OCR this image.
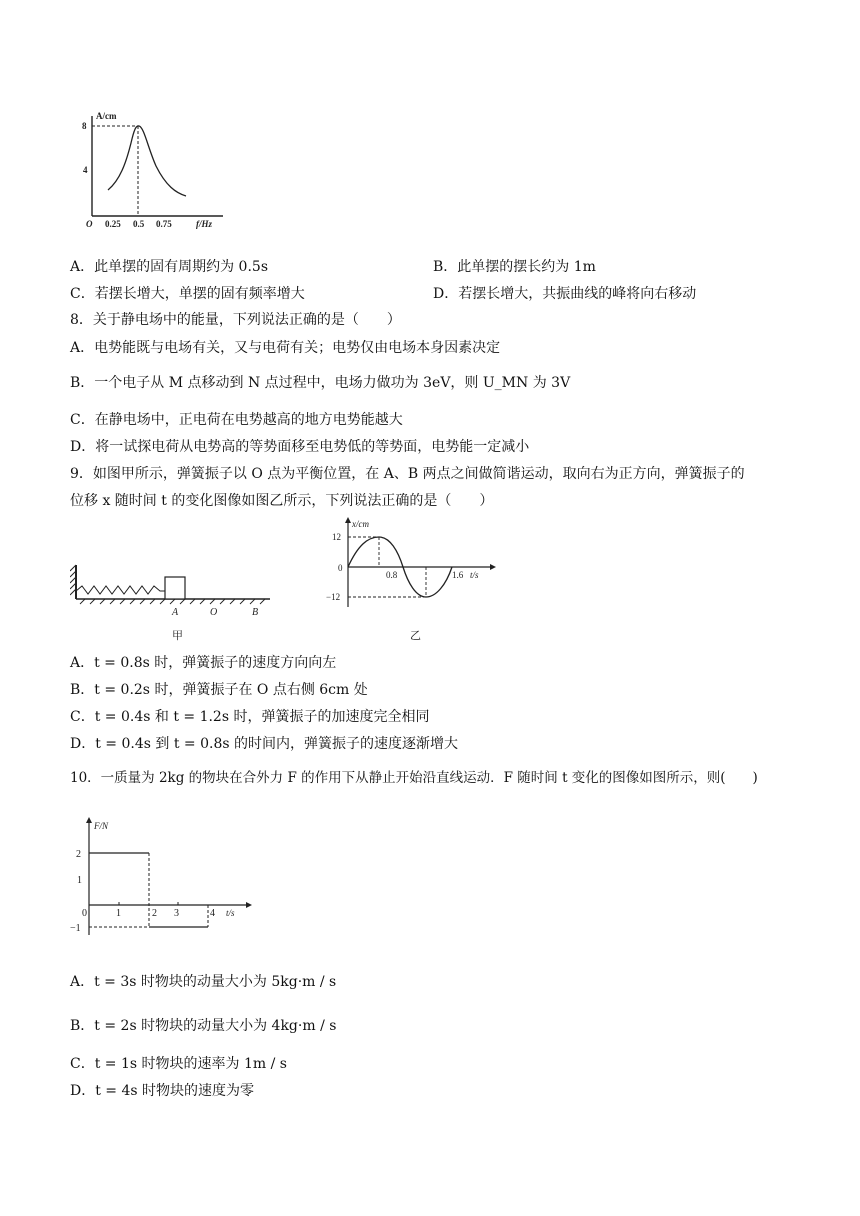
A/cm
8
4
O 0.25 0.5 0.75	f/Hz
A．此单摆的固有周期约为 0.5s	B．此单摆的摆长约为 1m
C．若摆长增大，单摆的固有频率增大	D．若摆长增大，共振曲线的峰将向右移动
8．关于静电场中的能量，下列说法正确的是（　　）
A．电势能既与电场有关，又与电荷有关；电势仅由电场本身因素决定
B．一个电子从 M 点移动到 N 点过程中，电场力做功为 3eV，则 U_MN 为 3V
C．在静电场中，正电荷在电势越高的地方电势能越大
D．将一试探电荷从电势高的等势面移至电势低的等势面，电势能一定减小
9．如图甲所示，弹簧振子以 O 点为平衡位置，在 A、B 两点之间做简谐运动，取向右为正方向，弹簧振子的
位移 x 随时间 t 的变化图像如图乙所示，下列说法正确的是（　　）
A	O	B
甲
x/cm
12
0
0.8	1.6 t/s
−12
乙
A．t = 0.8s 时，弹簧振子的速度方向向左
B．t = 0.2s 时，弹簧振子在 O 点右侧 6cm 处
C．t = 0.4s 和 t = 1.2s 时，弹簧振子的加速度完全相同
D．t = 0.4s 到 t = 0.8s 的时间内，弹簧振子的速度逐渐增大
10．一质量为 2kg 的物块在合外力 F 的作用下从静止开始沿直线运动．F 随时间 t 变化的图像如图所示，则(　　)
F/N
2
1
−1
0	1	2 3	4 t/s
A．t = 3s 时物块的动量大小为 5kg·m / s
B．t = 2s 时物块的动量大小为 4kg·m / s
C．t = 1s 时物块的速率为 1m / s
D．t = 4s 时物块的速度为零
